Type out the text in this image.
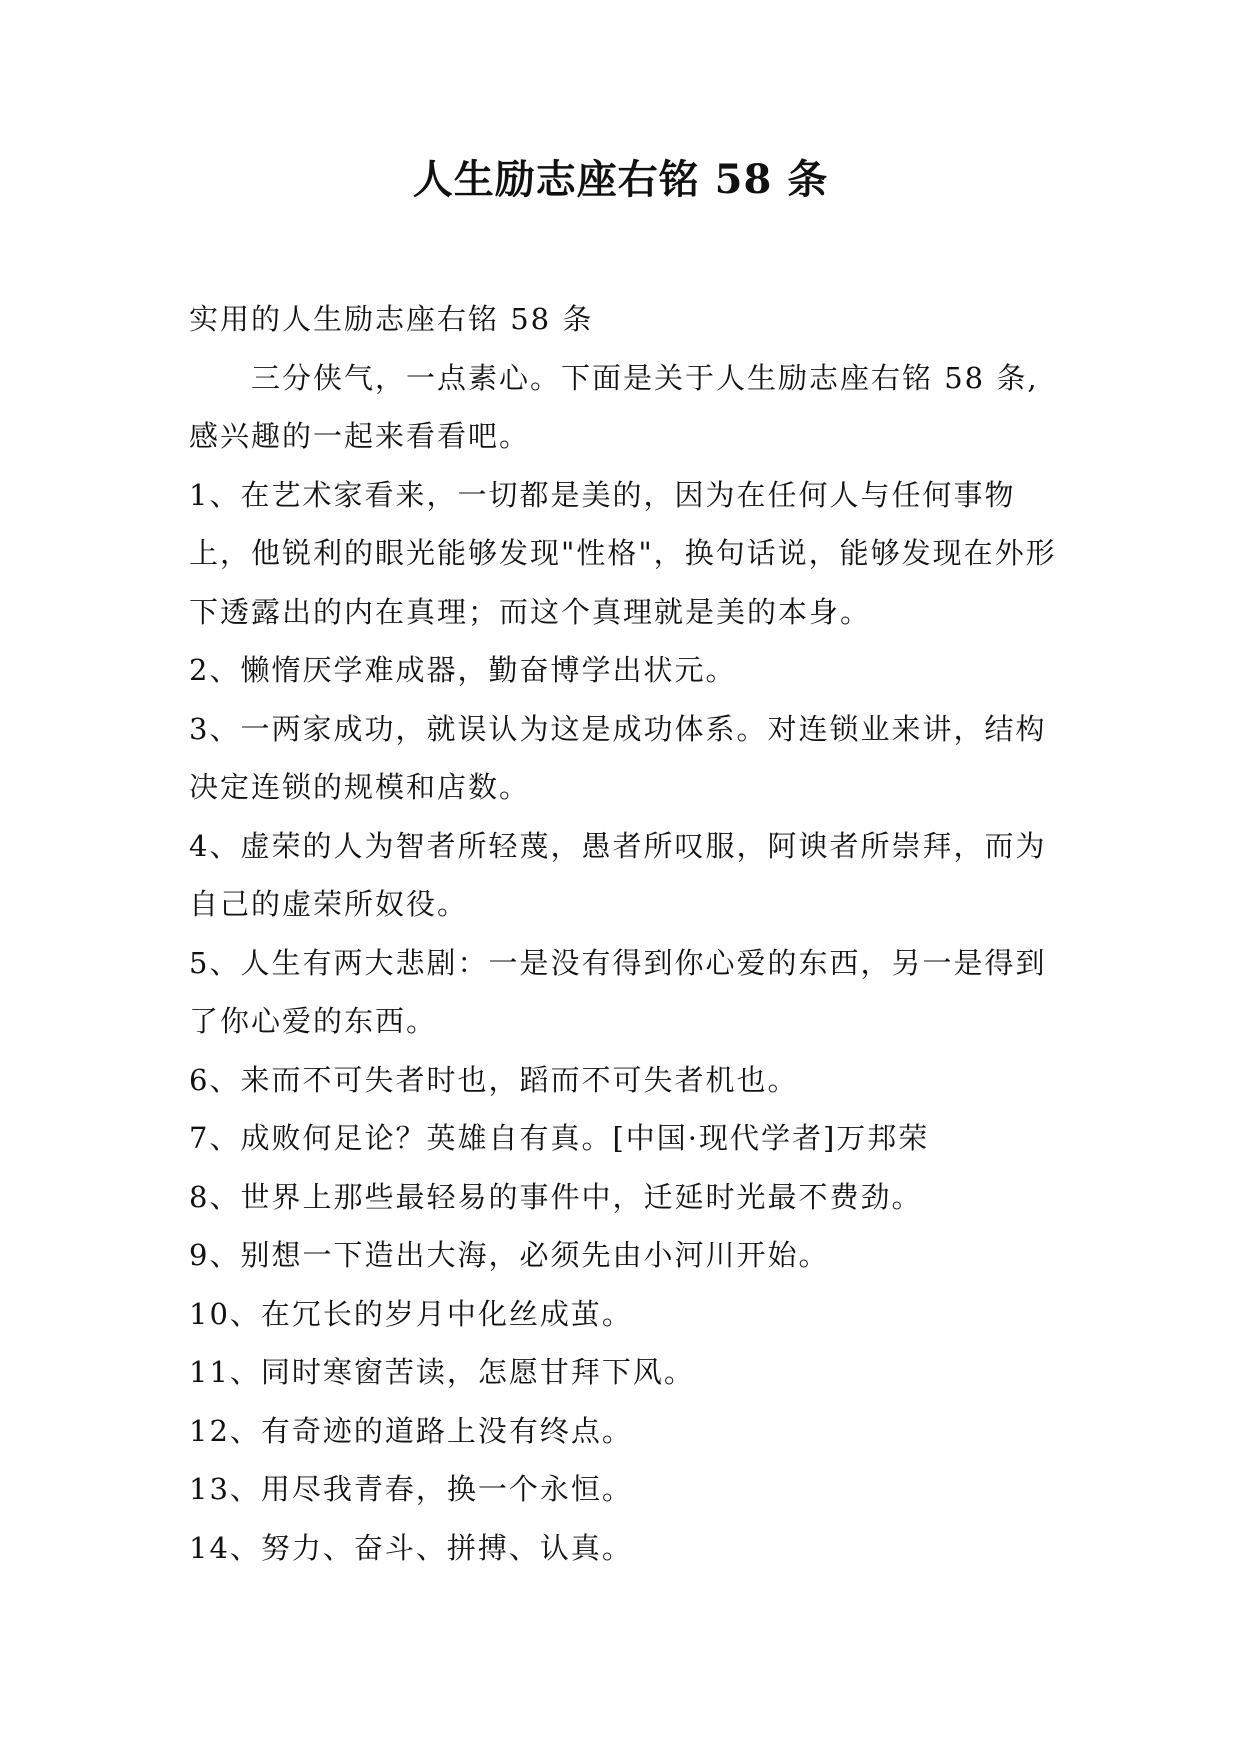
人生励志座右铭 58 条

实用的人生励志座右铭 58 条

三分侠气，一点素心。下面是关于人生励志座右铭 58 条,感兴趣的一起来看看吧。

1、在艺术家看来，一切都是美的，因为在任何人与任何事物上，他锐利的眼光能够发现"性格"，换句话说，能够发现在外形下透露出的内在真理；而这个真理就是美的本身。

2、懒惰厌学难成器，勤奋博学出状元。

3、一两家成功，就误认为这是成功体系。对连锁业来讲，结构决定连锁的规模和店数。

4、虚荣的人为智者所轻蔑，愚者所叹服，阿谀者所崇拜，而为自己的虚荣所奴役。

5、人生有两大悲剧：一是没有得到你心爱的东西，另一是得到了你心爱的东西。

6、来而不可失者时也，蹈而不可失者机也。

7、成败何足论？英雄自有真。[中国·现代学者]万邦荣

8、世界上那些最轻易的事件中，迁延时光最不费劲。

9、别想一下造出大海，必须先由小河川开始。

10、在冗长的岁月中化丝成茧。

11、同时寒窗苦读，怎愿甘拜下风。

12、有奇迹的道路上没有终点。

13、用尽我青春，换一个永恒。

14、努力、奋斗、拼搏、认真。
